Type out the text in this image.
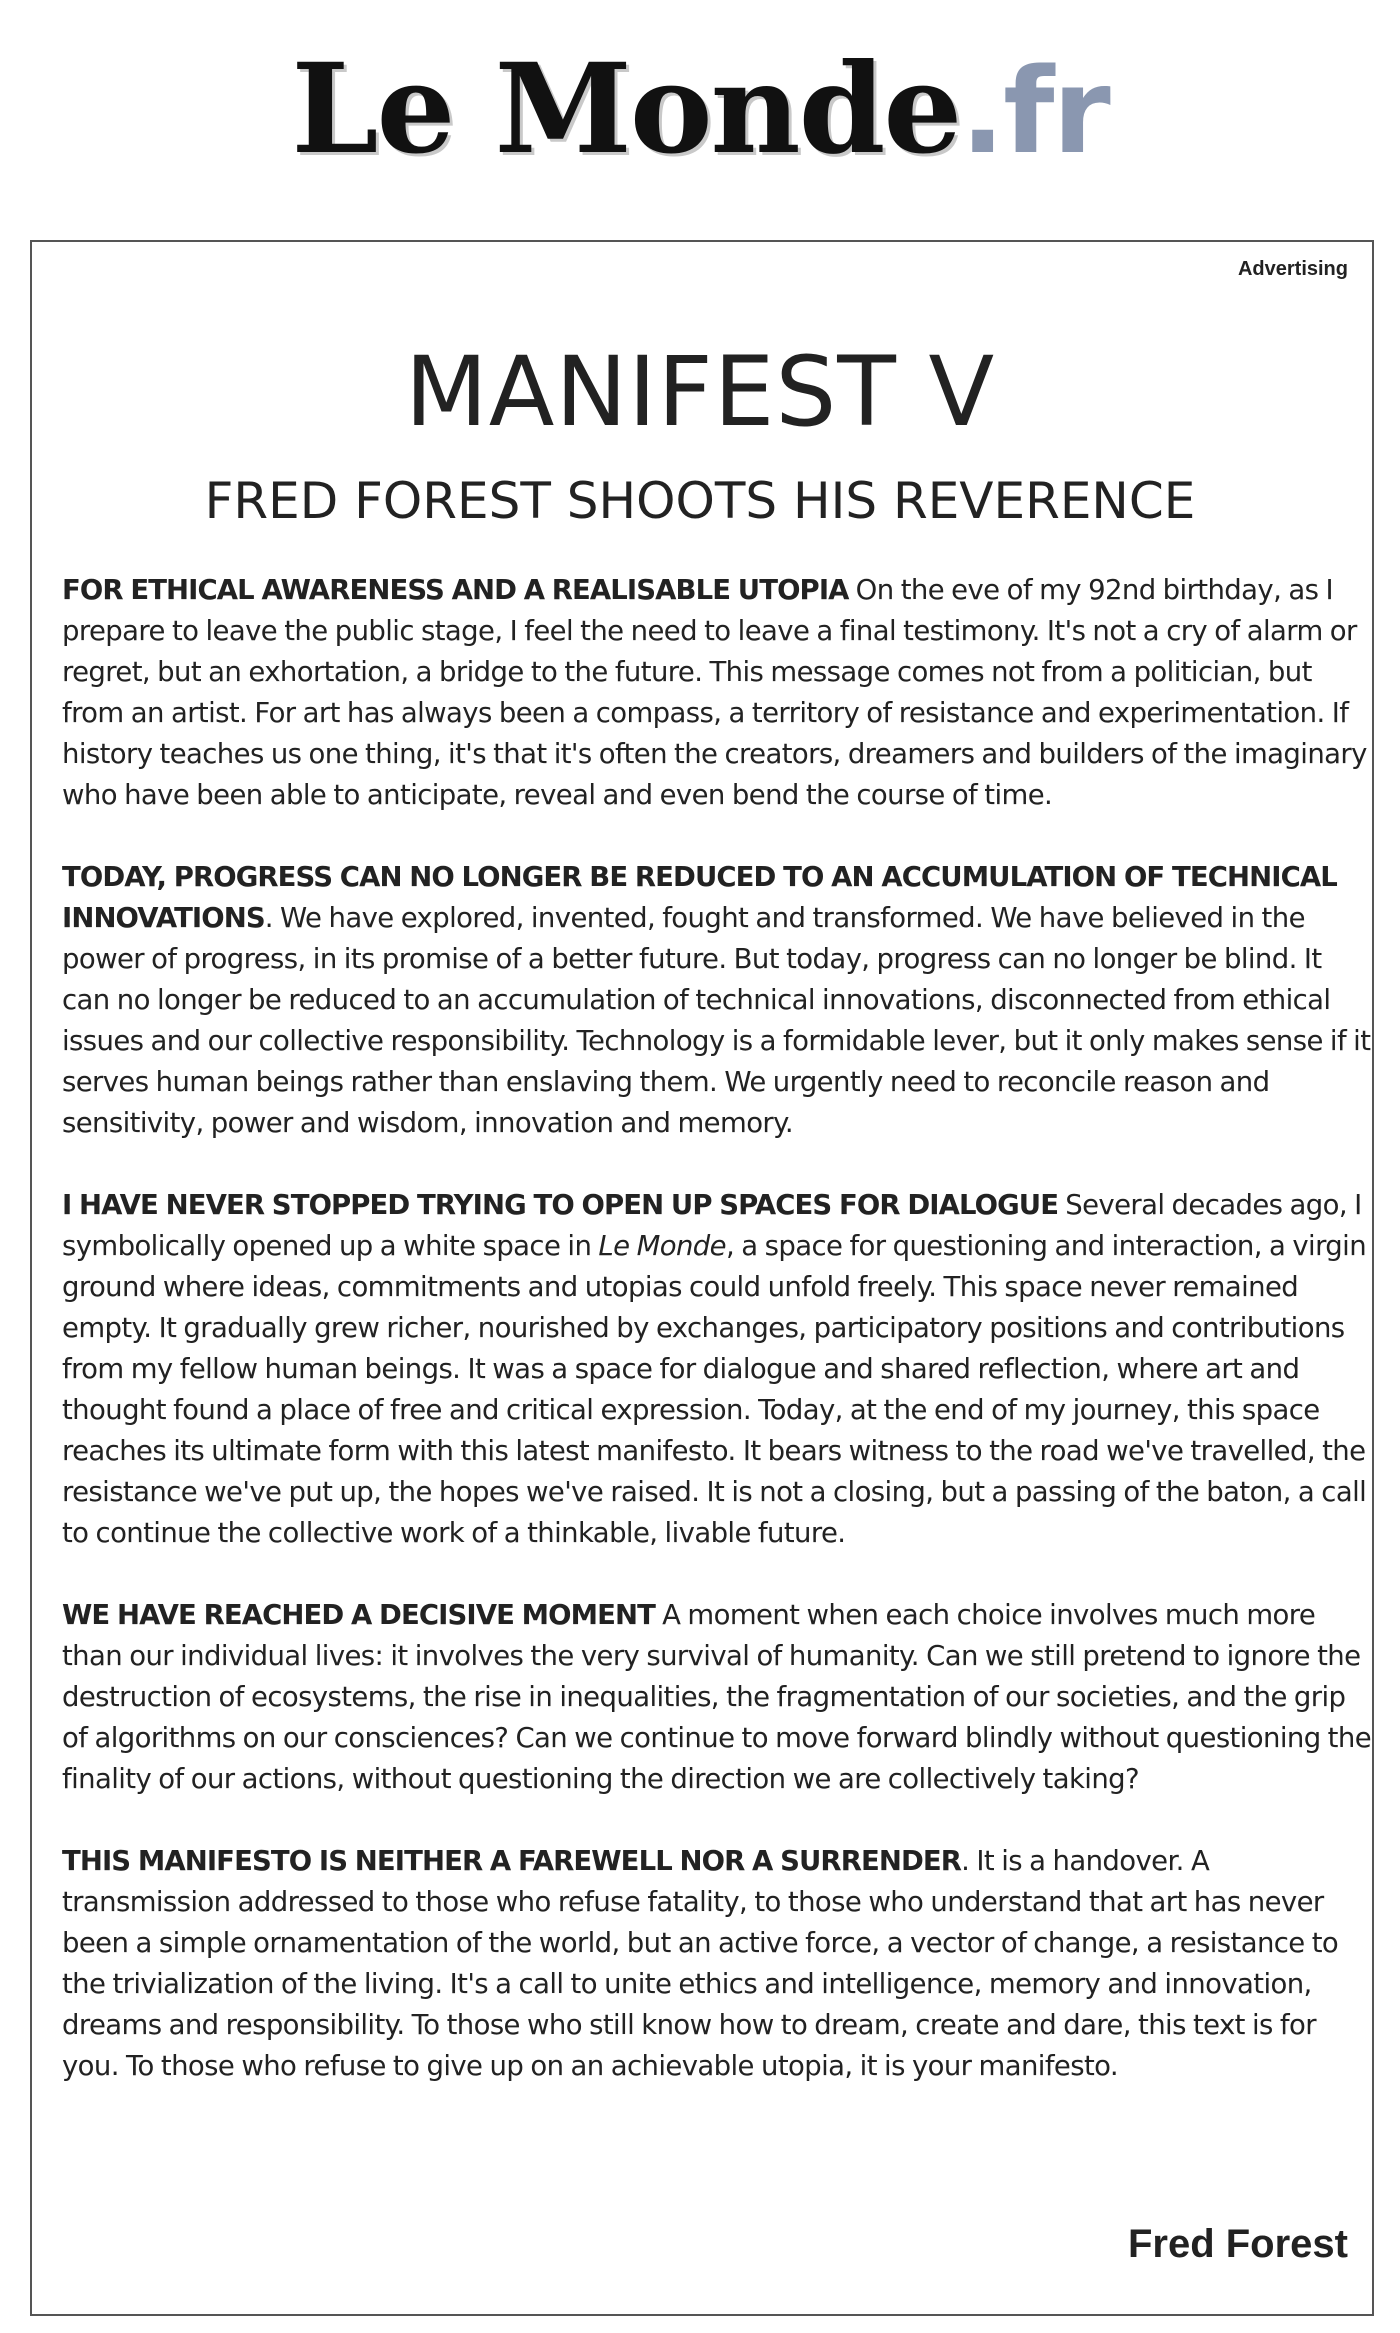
Le Monde.fr
Advertising
MANIFEST V
FRED FOREST SHOOTS HIS REVERENCE

FOR ETHICAL AWARENESS AND A REALISABLE UTOPIA On the eve of my 92nd birthday, as I prepare to leave the public stage, I feel the need to leave a final testimony. It's not a cry of alarm or regret, but an exhortation, a bridge to the future. This message comes not from a politician, but from an artist. For art has always been a compass, a territory of resistance and experimentation. If history teaches us one thing, it's that it's often the creators, dreamers and builders of the imaginary who have been able to anticipate, reveal and even bend the course of time.

TODAY, PROGRESS CAN NO LONGER BE REDUCED TO AN ACCUMULATION OF TECHNICAL INNOVATIONS. We have explored, invented, fought and transformed. We have believed in the power of progress, in its promise of a better future. But today, progress can no longer be blind. It can no longer be reduced to an accumulation of technical innovations, disconnected from ethical issues and our collective responsibility. Technology is a formidable lever, but it only makes sense if it serves human beings rather than enslaving them. We urgently need to reconcile reason and sensitivity, power and wisdom, innovation and memory.

I HAVE NEVER STOPPED TRYING TO OPEN UP SPACES FOR DIALOGUE Several decades ago, I symbolically opened up a white space in Le Monde, a space for questioning and interaction, a virgin ground where ideas, commitments and utopias could unfold freely. This space never remained empty. It gradually grew richer, nourished by exchanges, participatory positions and contributions from my fellow human beings. It was a space for dialogue and shared reflection, where art and thought found a place of free and critical expression. Today, at the end of my journey, this space reaches its ultimate form with this latest manifesto. It bears witness to the road we've travelled, the resistance we've put up, the hopes we've raised. It is not a closing, but a passing of the baton, a call to continue the collective work of a thinkable, livable future.

WE HAVE REACHED A DECISIVE MOMENT A moment when each choice involves much more than our individual lives: it involves the very survival of humanity. Can we still pretend to ignore the destruction of ecosystems, the rise in inequalities, the fragmentation of our societies, and the grip of algorithms on our consciences? Can we continue to move forward blindly without questioning the finality of our actions, without questioning the direction we are collectively taking?

THIS MANIFESTO IS NEITHER A FAREWELL NOR A SURRENDER. It is a handover. A transmission addressed to those who refuse fatality, to those who understand that art has never been a simple ornamentation of the world, but an active force, a vector of change, a resistance to the trivialization of the living. It's a call to unite ethics and intelligence, memory and innovation, dreams and responsibility. To those who still know how to dream, create and dare, this text is for you. To those who refuse to give up on an achievable utopia, it is your manifesto.

Fred Forest
